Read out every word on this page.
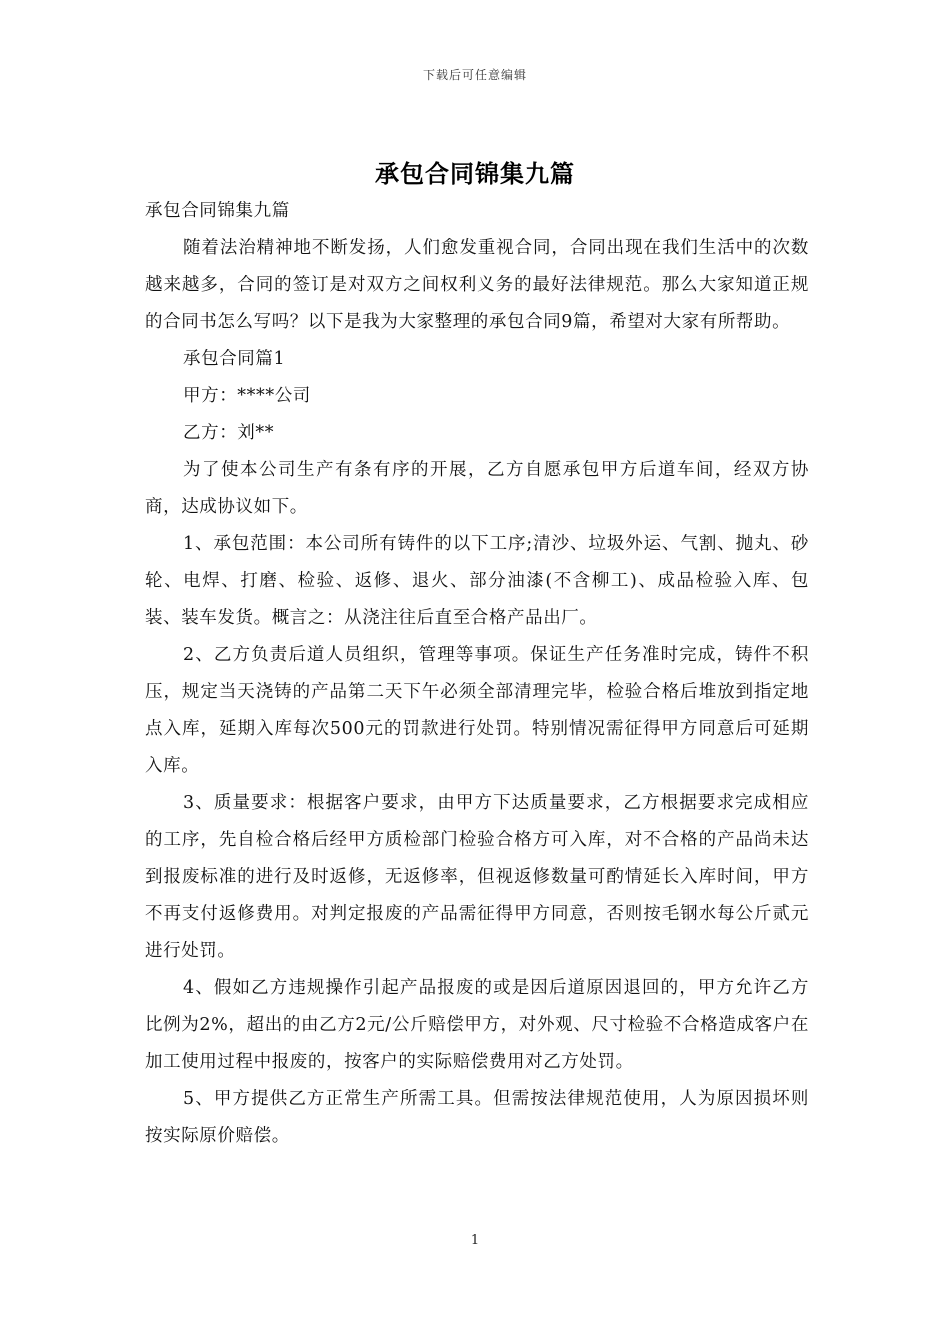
下载后可任意编辑
承包合同锦集九篇

承包合同锦集九篇

随着法治精神地不断发扬，人们愈发重视合同，合同出现在我们生活中的次数越来越多，合同的签订是对双方之间权利义务的最好法律规范。那么大家知道正规的合同书怎么写吗？以下是我为大家整理的承包合同9篇，希望对大家有所帮助。

承包合同篇1

甲方：****公司

乙方：刘**

为了使本公司生产有条有序的开展，乙方自愿承包甲方后道车间，经双方协商，达成协议如下。

1、承包范围：本公司所有铸件的以下工序;清沙、垃圾外运、气割、抛丸、砂轮、电焊、打磨、检验、返修、退火、部分油漆(不含柳工)、成品检验入库、包装、装车发货。概言之：从浇注往后直至合格产品出厂。

2、乙方负责后道人员组织，管理等事项。保证生产任务准时完成，铸件不积压，规定当天浇铸的产品第二天下午必须全部清理完毕，检验合格后堆放到指定地点入库，延期入库每次500元的罚款进行处罚。特别情况需征得甲方同意后可延期入库。

3、质量要求：根据客户要求，由甲方下达质量要求，乙方根据要求完成相应的工序，先自检合格后经甲方质检部门检验合格方可入库，对不合格的产品尚未达到报废标准的进行及时返修，无返修率，但视返修数量可酌情延长入库时间，甲方不再支付返修费用。对判定报废的产品需征得甲方同意，否则按毛钢水每公斤贰元进行处罚。

4、假如乙方违规操作引起产品报废的或是因后道原因退回的，甲方允许乙方比例为2%，超出的由乙方2元/公斤赔偿甲方，对外观、尺寸检验不合格造成客户在加工使用过程中报废的，按客户的实际赔偿费用对乙方处罚。

5、甲方提供乙方正常生产所需工具。但需按法律规范使用，人为原因损坏则按实际原价赔偿。

1
